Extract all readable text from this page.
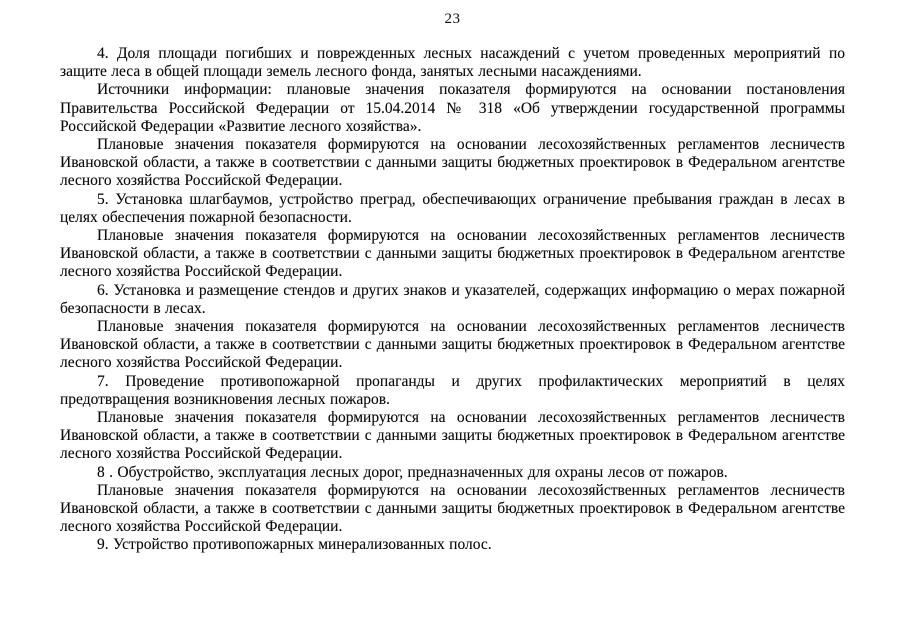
23

4. Доля площади погибших и поврежденных лесных насаждений с учетом проведенных мероприятий по защите леса в общей площади земель лесного фонда, занятых лесными насаждениями.

Источники информации: плановые значения показателя формируются на основании постановления Правительства Российской Федерации от 15.04.2014 № 318 «Об утверждении государственной программы Российской Федерации «Развитие лесного хозяйства».

Плановые значения показателя формируются на основании лесохозяйственных регламентов лесничеств Ивановской области, а также в соответствии с данными защиты бюджетных проектировок в Федеральном агентстве лесного хозяйства Российской Федерации.

5. Установка шлагбаумов, устройство преград, обеспечивающих ограничение пребывания граждан в лесах в целях обеспечения пожарной безопасности.

Плановые значения показателя формируются на основании лесохозяйственных регламентов лесничеств Ивановской области, а также в соответствии с данными защиты бюджетных проектировок в Федеральном агентстве лесного хозяйства Российской Федерации.

6. Установка и размещение стендов и других знаков и указателей, содержащих информацию о мерах пожарной безопасности в лесах.

Плановые значения показателя формируются на основании лесохозяйственных регламентов лесничеств Ивановской области, а также в соответствии с данными защиты бюджетных проектировок в Федеральном агентстве лесного хозяйства Российской Федерации.

7. Проведение противопожарной пропаганды и других профилактических мероприятий в целях предотвращения возникновения лесных пожаров.

Плановые значения показателя формируются на основании лесохозяйственных регламентов лесничеств Ивановской области, а также в соответствии с данными защиты бюджетных проектировок в Федеральном агентстве лесного хозяйства Российской Федерации.

8 . Обустройство, эксплуатация лесных дорог, предназначенных для охраны лесов от пожаров.

Плановые значения показателя формируются на основании лесохозяйственных регламентов лесничеств Ивановской области, а также в соответствии с данными защиты бюджетных проектировок в Федеральном агентстве лесного хозяйства Российской Федерации.

9. Устройство противопожарных минерализованных полос.
